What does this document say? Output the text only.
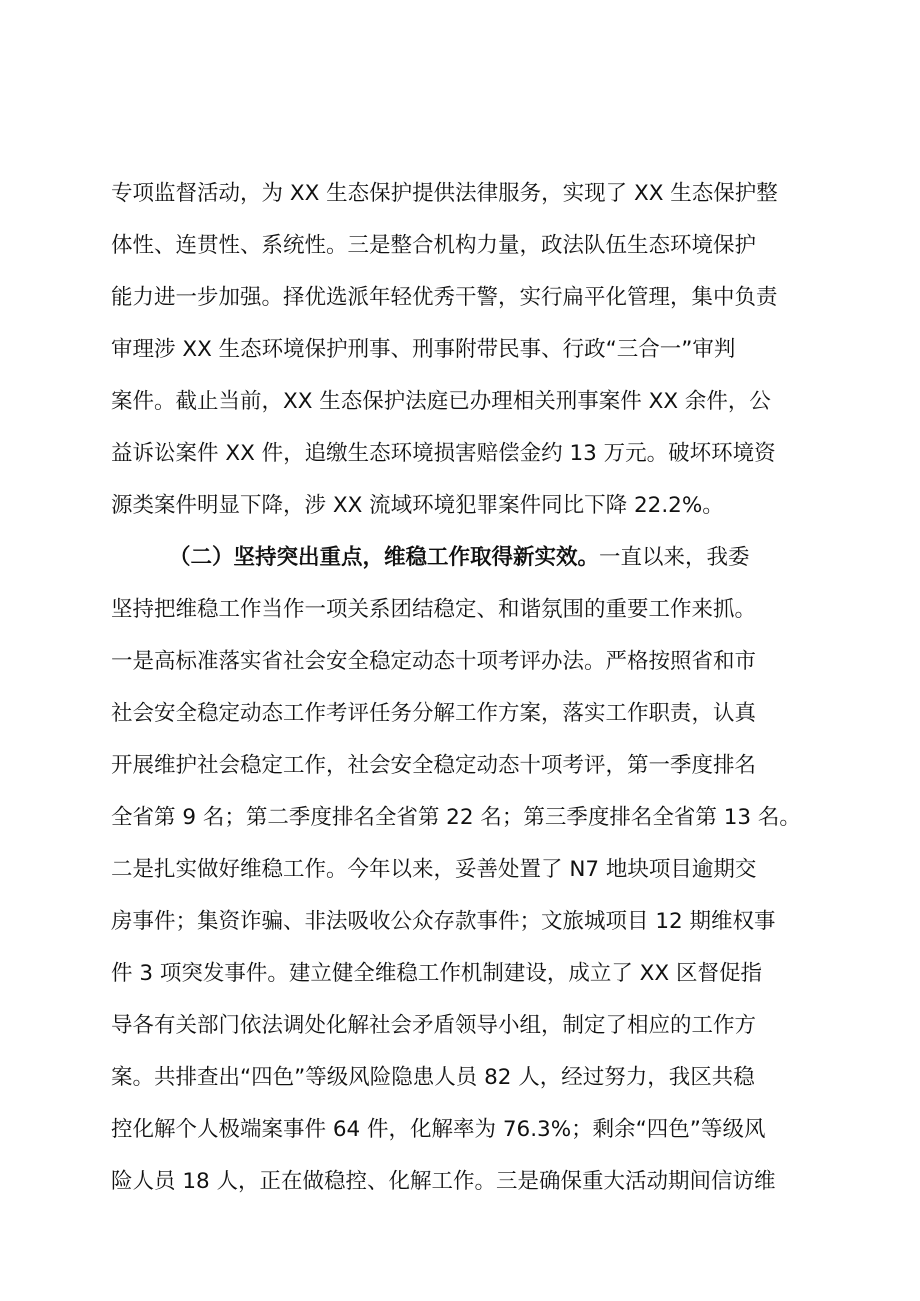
专项监督活动，为 XX 生态保护提供法律服务，实现了 XX 生态保护整
体性、连贯性、系统性。三是整合机构力量，政法队伍生态环境保护
能力进一步加强。择优选派年轻优秀干警，实行扁平化管理，集中负责
审理涉 XX 生态环境保护刑事、刑事附带民事、行政“三合一”审判
案件。截止当前，XX 生态保护法庭已办理相关刑事案件 XX 余件，公
益诉讼案件 XX 件，追缴生态环境损害赔偿金约 13 万元。破坏环境资
源类案件明显下降，涉 XX 流域环境犯罪案件同比下降 22.2%。
（二）坚持突出重点，维稳工作取得新实效。一直以来，我委
坚持把维稳工作当作一项关系团结稳定、和谐氛围的重要工作来抓。
一是高标准落实省社会安全稳定动态十项考评办法。严格按照省和市
社会安全稳定动态工作考评任务分解工作方案，落实工作职责，认真
开展维护社会稳定工作，社会安全稳定动态十项考评，第一季度排名
全省第 9 名；第二季度排名全省第 22 名；第三季度排名全省第 13 名。
二是扎实做好维稳工作。今年以来，妥善处置了 N7 地块项目逾期交
房事件；集资诈骗、非法吸收公众存款事件；文旅城项目 12 期维权事
件 3 项突发事件。建立健全维稳工作机制建设，成立了 XX 区督促指
导各有关部门依法调处化解社会矛盾领导小组，制定了相应的工作方
案。共排查出“四色”等级风险隐患人员 82 人，经过努力，我区共稳
控化解个人极端案事件 64 件，化解率为 76.3%；剩余“四色”等级风
险人员 18 人，正在做稳控、化解工作。三是确保重大活动期间信访维
